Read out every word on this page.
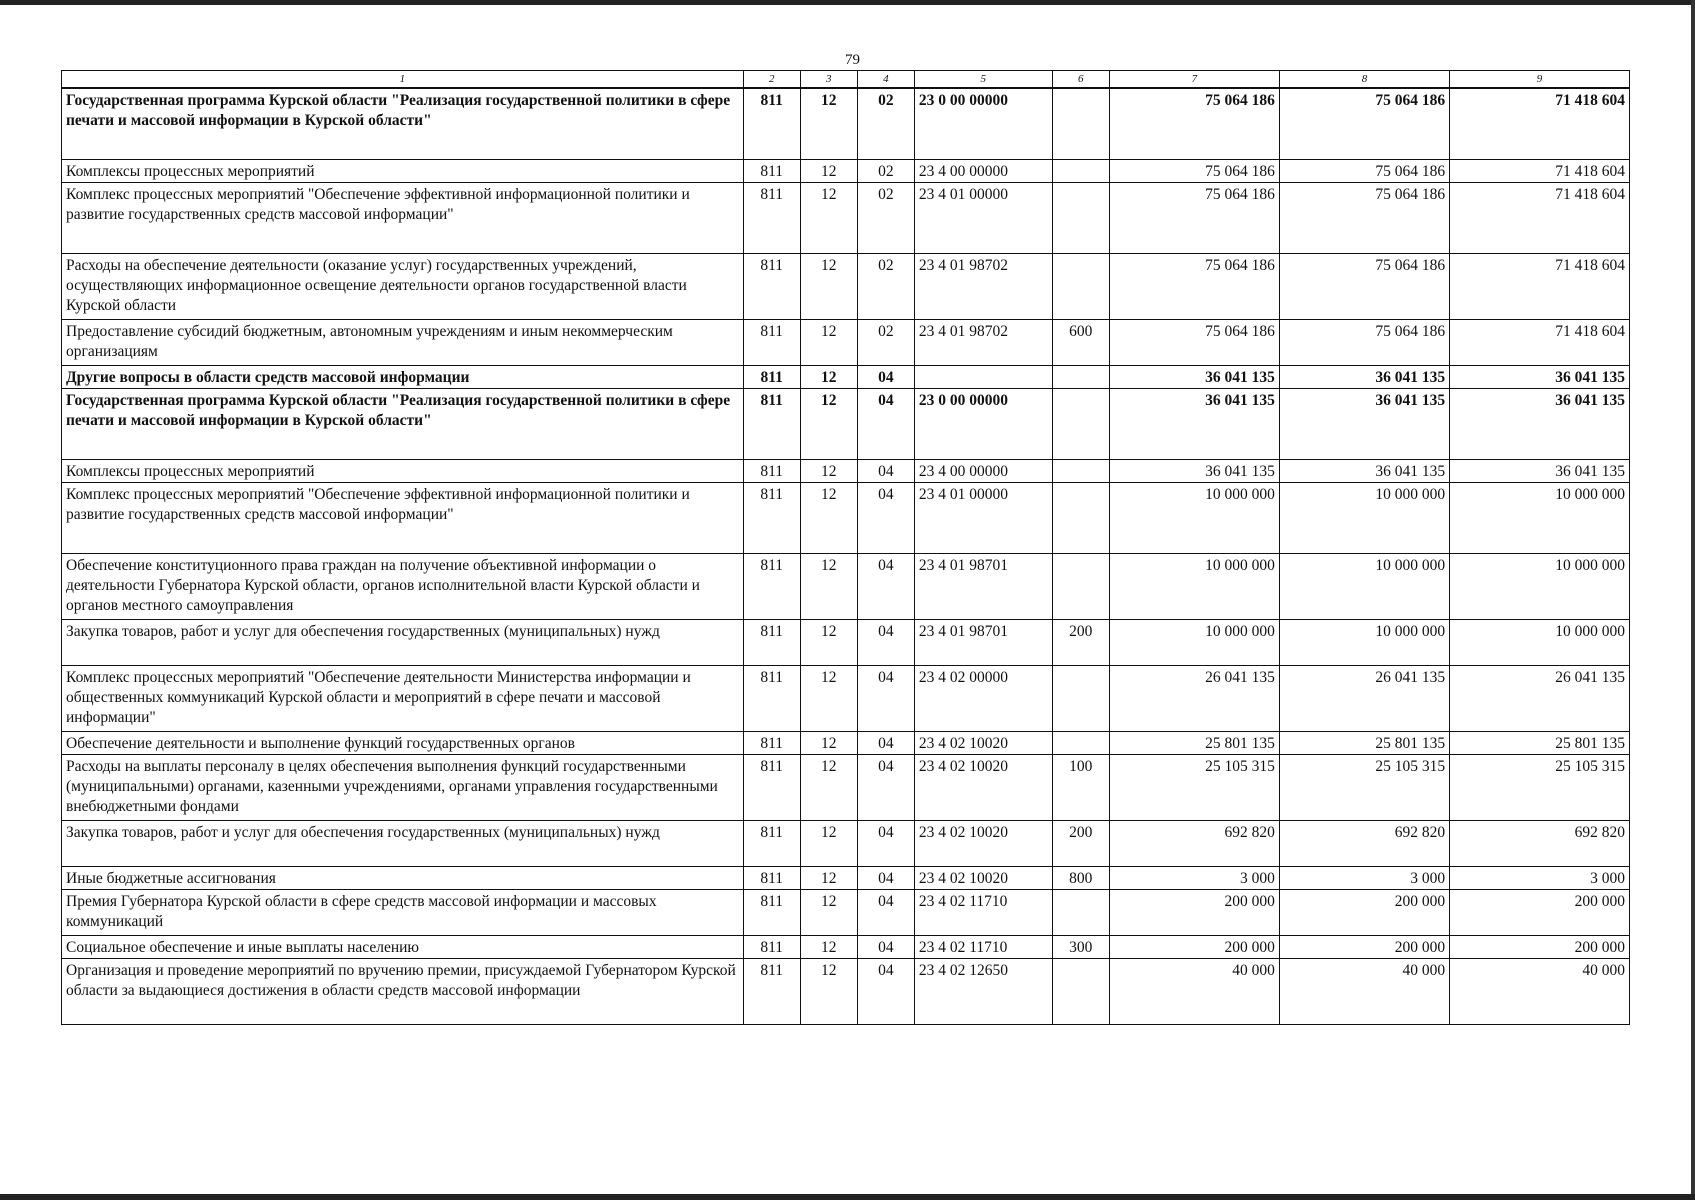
79
1	2	3	4	5	6	7	8	9
Государственная программа Курской области "Реализация государственной политики в сфере печати и массовой информации в Курской области"	811	12	02	23 0 00 00000		75 064 186	75 064 186	71 418 604
Комплексы процессных мероприятий	811	12	02	23 4 00 00000		75 064 186	75 064 186	71 418 604
Комплекс процессных мероприятий "Обеспечение эффективной информационной политики и развитие государственных средств массовой информации"	811	12	02	23 4 01 00000		75 064 186	75 064 186	71 418 604
Расходы на обеспечение деятельности (оказание услуг) государственных учреждений, осуществляющих информационное освещение деятельности органов государственной власти Курской области	811	12	02	23 4 01 98702		75 064 186	75 064 186	71 418 604
Предоставление субсидий бюджетным, автономным учреждениям и иным некоммерческим организациям	811	12	02	23 4 01 98702	600	75 064 186	75 064 186	71 418 604
Другие вопросы в области средств массовой информации	811	12	04			36 041 135	36 041 135	36 041 135
Государственная программа Курской области "Реализация государственной политики в сфере печати и массовой информации в Курской области"	811	12	04	23 0 00 00000		36 041 135	36 041 135	36 041 135
Комплексы процессных мероприятий	811	12	04	23 4 00 00000		36 041 135	36 041 135	36 041 135
Комплекс процессных мероприятий "Обеспечение эффективной информационной политики и развитие государственных средств массовой информации"	811	12	04	23 4 01 00000		10 000 000	10 000 000	10 000 000
Обеспечение конституционного права граждан на получение объективной информации о деятельности Губернатора Курской области, органов исполнительной власти Курской области и органов местного самоуправления	811	12	04	23 4 01 98701		10 000 000	10 000 000	10 000 000
Закупка товаров, работ и услуг для обеспечения государственных (муниципальных) нужд	811	12	04	23 4 01 98701	200	10 000 000	10 000 000	10 000 000
Комплекс процессных мероприятий "Обеспечение деятельности Министерства информации и общественных коммуникаций Курской области и мероприятий в сфере печати и массовой информации"	811	12	04	23 4 02 00000		26 041 135	26 041 135	26 041 135
Обеспечение деятельности и выполнение функций государственных органов	811	12	04	23 4 02 10020		25 801 135	25 801 135	25 801 135
Расходы на выплаты персоналу в целях обеспечения выполнения функций государственными (муниципальными) органами, казенными учреждениями, органами управления государственными внебюджетными фондами	811	12	04	23 4 02 10020	100	25 105 315	25 105 315	25 105 315
Закупка товаров, работ и услуг для обеспечения государственных (муниципальных) нужд	811	12	04	23 4 02 10020	200	692 820	692 820	692 820
Иные бюджетные ассигнования	811	12	04	23 4 02 10020	800	3 000	3 000	3 000
Премия Губернатора Курской области в сфере средств массовой информации и массовых коммуникаций	811	12	04	23 4 02 11710		200 000	200 000	200 000
Социальное обеспечение и иные выплаты населению	811	12	04	23 4 02 11710	300	200 000	200 000	200 000
Организация и проведение мероприятий по вручению премии, присуждаемой Губернатором Курской области за выдающиеся достижения в области средств массовой информации	811	12	04	23 4 02 12650		40 000	40 000	40 000
